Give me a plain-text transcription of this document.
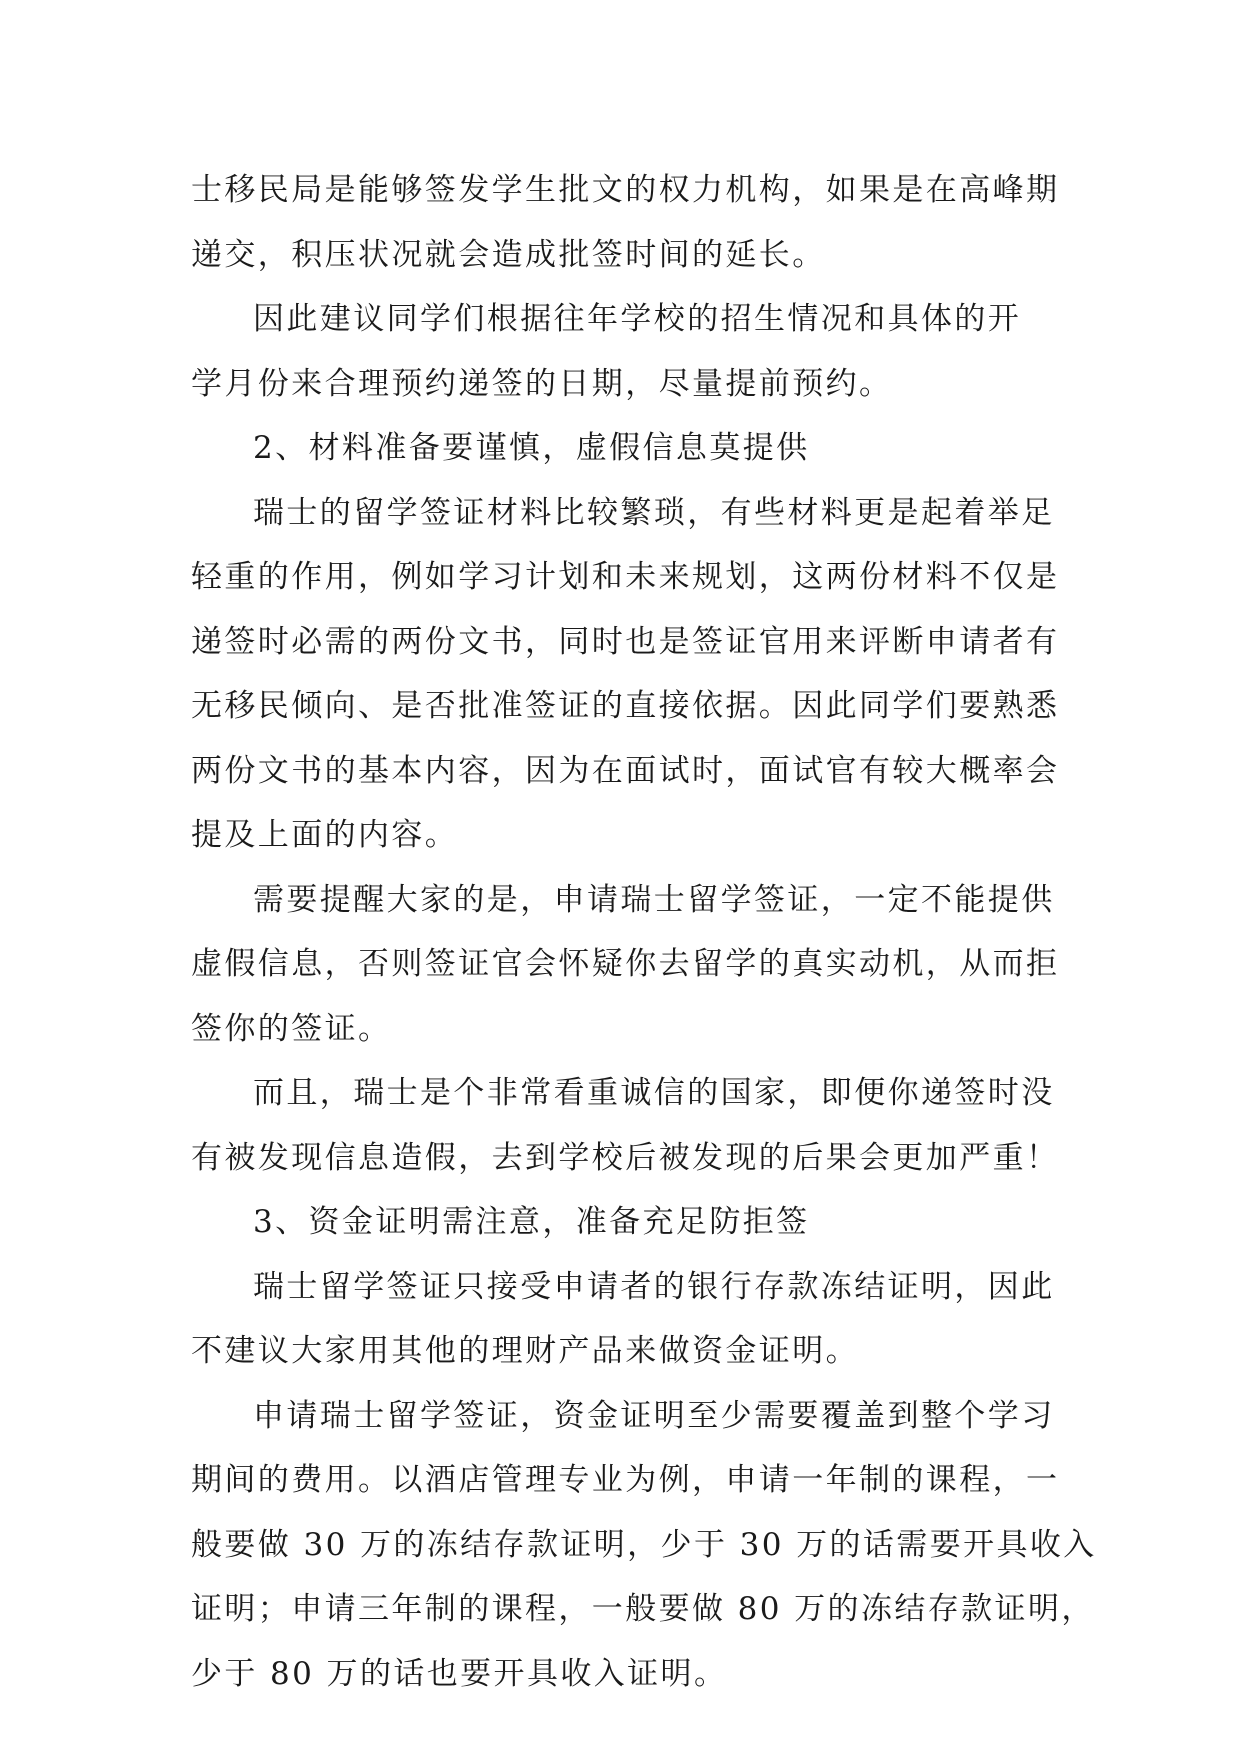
士移民局是能够签发学生批文的权力机构，如果是在高峰期
递交，积压状况就会造成批签时间的延长。

因此建议同学们根据往年学校的招生情况和具体的开
学月份来合理预约递签的日期，尽量提前预约。

2、材料准备要谨慎，虚假信息莫提供

瑞士的留学签证材料比较繁琐，有些材料更是起着举足
轻重的作用，例如学习计划和未来规划，这两份材料不仅是
递签时必需的两份文书，同时也是签证官用来评断申请者有
无移民倾向、是否批准签证的直接依据。因此同学们要熟悉
两份文书的基本内容，因为在面试时，面试官有较大概率会
提及上面的内容。

需要提醒大家的是，申请瑞士留学签证，一定不能提供
虚假信息，否则签证官会怀疑你去留学的真实动机，从而拒
签你的签证。

而且，瑞士是个非常看重诚信的国家，即便你递签时没
有被发现信息造假，去到学校后被发现的后果会更加严重！

3、资金证明需注意，准备充足防拒签

瑞士留学签证只接受申请者的银行存款冻结证明，因此
不建议大家用其他的理财产品来做资金证明。

申请瑞士留学签证，资金证明至少需要覆盖到整个学习
期间的费用。以酒店管理专业为例，申请一年制的课程，一
般要做 30 万的冻结存款证明，少于 30 万的话需要开具收入
证明；申请三年制的课程，一般要做 80 万的冻结存款证明，
少于 80 万的话也要开具收入证明。
